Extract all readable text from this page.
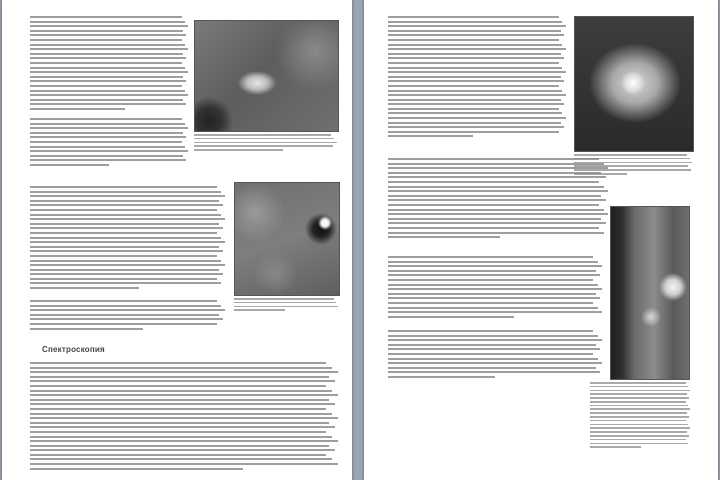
Спектроскопия
